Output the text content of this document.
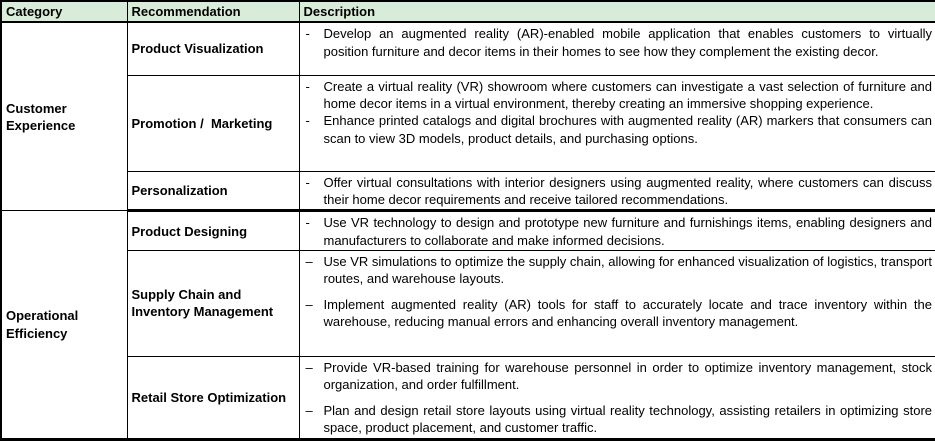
Category	Recommendation	Description
Customer Experience	Product Visualization	- Develop an augmented reality (AR)-enabled mobile application that enables customers to virtually position furniture and decor items in their homes to see how they complement the existing decor.

	Promotion /  Marketing	- Create a virtual reality (VR) showroom where customers can investigate a vast selection of furniture and home decor items in a virtual environment, thereby creating an immersive shopping experience.
- Enhance printed catalogs and digital brochures with augmented reality (AR) markers that consumers can scan to view 3D models, product details, and purchasing options.

	Personalization	- Offer virtual consultations with interior designers using augmented reality, where customers can discuss their home decor requirements and receive tailored recommendations.

Operational Efficiency	Product Designing	- Use VR technology to design and prototype new furniture and furnishings items, enabling designers and manufacturers to collaborate and make informed decisions.

	Supply Chain and Inventory Management	– Use VR simulations to optimize the supply chain, allowing for enhanced visualization of logistics, transport routes, and warehouse layouts.
– Implement augmented reality (AR) tools for staff to accurately locate and trace inventory within the warehouse, reducing manual errors and enhancing overall inventory management.

	Retail Store Optimization	– Provide VR-based training for warehouse personnel in order to optimize inventory management, stock organization, and order fulfillment.
– Plan and design retail store layouts using virtual reality technology, assisting retailers in optimizing store space, product placement, and customer traffic.
